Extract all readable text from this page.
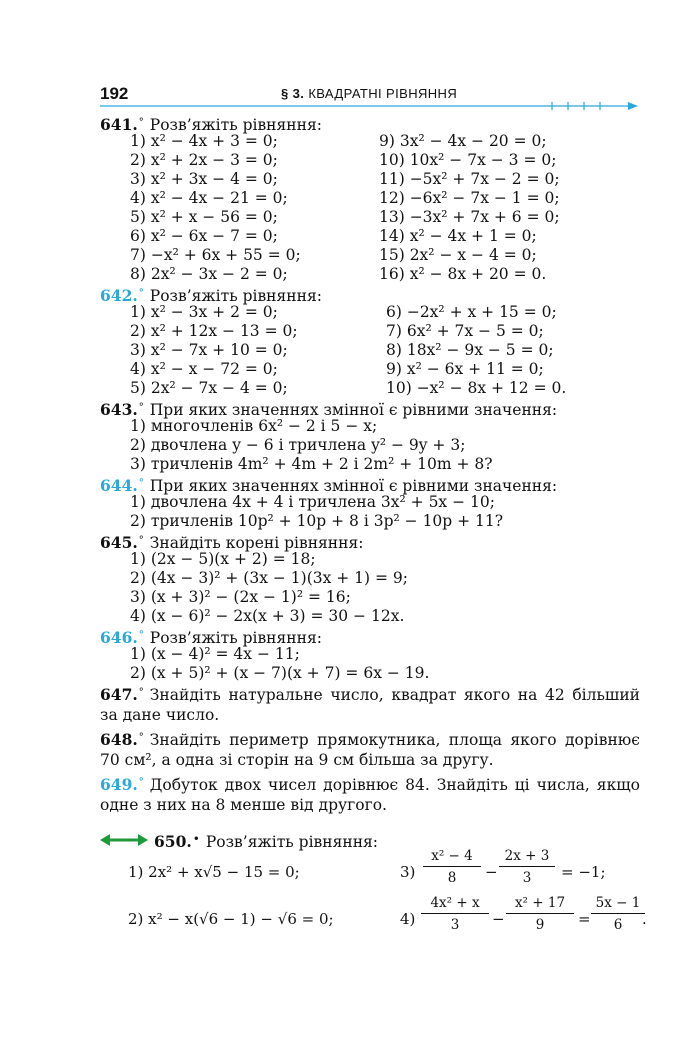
192	§ 3. КВАДРАТНІ РІВНЯННЯ
641.° Розв’яжіть рівняння:
1) x² − 4x + 3 = 0;	9) 3x² − 4x − 20 = 0;
2) x² + 2x − 3 = 0;	10) 10x² − 7x − 3 = 0;
3) x² + 3x − 4 = 0;	11) −5x² + 7x − 2 = 0;
4) x² − 4x − 21 = 0;	12) −6x² − 7x − 1 = 0;
5) x² + x − 56 = 0;	13) −3x² + 7x + 6 = 0;
6) x² − 6x − 7 = 0;	14) x² − 4x + 1 = 0;
7) −x² + 6x + 55 = 0;	15) 2x² − x − 4 = 0;
8) 2x² − 3x − 2 = 0;	16) x² − 8x + 20 = 0.
642.° Розв’яжіть рівняння:
1) x² − 3x + 2 = 0;	6) −2x² + x + 15 = 0;
2) x² + 12x − 13 = 0;	7) 6x² + 7x − 5 = 0;
3) x² − 7x + 10 = 0;	8) 18x² − 9x − 5 = 0;
4) x² − x − 72 = 0;	9) x² − 6x + 11 = 0;
5) 2x² − 7x − 4 = 0;	10) −x² − 8x + 12 = 0.
643.° При яких значеннях змінної є рівними значення:
1) многочленів 6x² − 2 і 5 − x;
2) двочлена y − 6 і тричлена y² − 9y + 3;
3) тричленів 4m² + 4m + 2 і 2m² + 10m + 8?
644.° При яких значеннях змінної є рівними значення:
1) двочлена 4x + 4 і тричлена 3x² + 5x − 10;
2) тричленів 10p² + 10p + 8 і 3p² − 10p + 11?
645.° Знайдіть корені рівняння:
1) (2x − 5)(x + 2) = 18;
2) (4x − 3)² + (3x − 1)(3x + 1) = 9;
3) (x + 3)² − (2x − 1)² = 16;
4) (x − 6)² − 2x(x + 3) = 30 − 12x.
646.° Розв’яжіть рівняння:
1) (x − 4)² = 4x − 11;
2) (x + 5)² + (x − 7)(x + 7) = 6x − 19.
647.° Знайдіть натуральне число, квадрат якого на 42 більший за дане число.
648.° Знайдіть периметр прямокутника, площа якого дорівнює 70 см², а одна зі сторін на 9 см більша за другу.
649.° Добуток двох чисел дорівнює 84. Знайдіть ці числа, якщо одне з них на 8 менше від другого.
650.• Розв’яжіть рівняння:
1) 2x² + x√5 − 15 = 0;
2) x² − x(√6 − 1) − √6 = 0;
$3) \frac{\text{x² − 4}}{8} - \frac{2x + 3}{3} = -1$;
$4) \frac{\text{4x² + x}}{3} - \frac{\text{x² + 17}}{9} = \frac{5x - 1}{6}$
.
